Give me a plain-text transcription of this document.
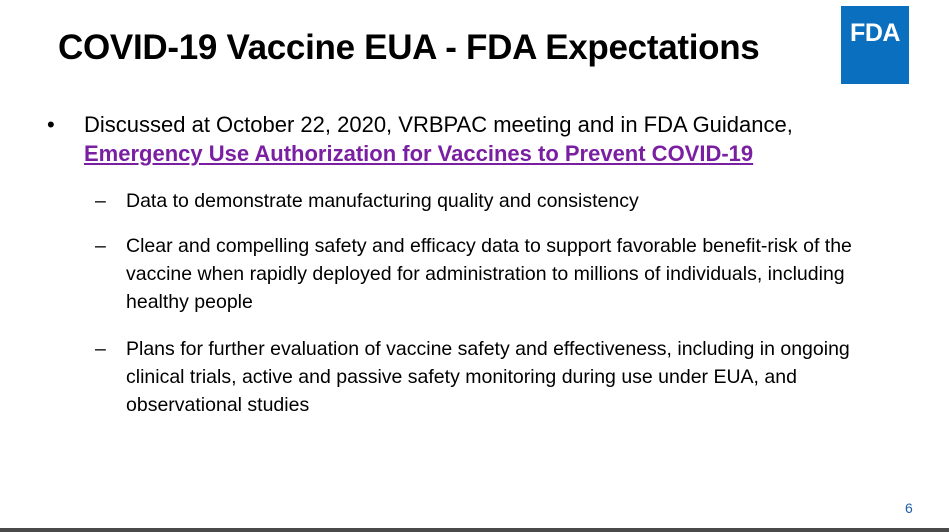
COVID-19 Vaccine EUA - FDA Expectations	FDA
• Discussed at October 22, 2020, VRBPAC meeting and in FDA Guidance,
Emergency Use Authorization for Vaccines to Prevent COVID-19
– Data to demonstrate manufacturing quality and consistency
– Clear and compelling safety and efficacy data to support favorable benefit-risk of the vaccine when rapidly deployed for administration to millions of individuals, including healthy people
– Plans for further evaluation of vaccine safety and effectiveness, including in ongoing clinical trials, active and passive safety monitoring during use under EUA, and observational studies
6
